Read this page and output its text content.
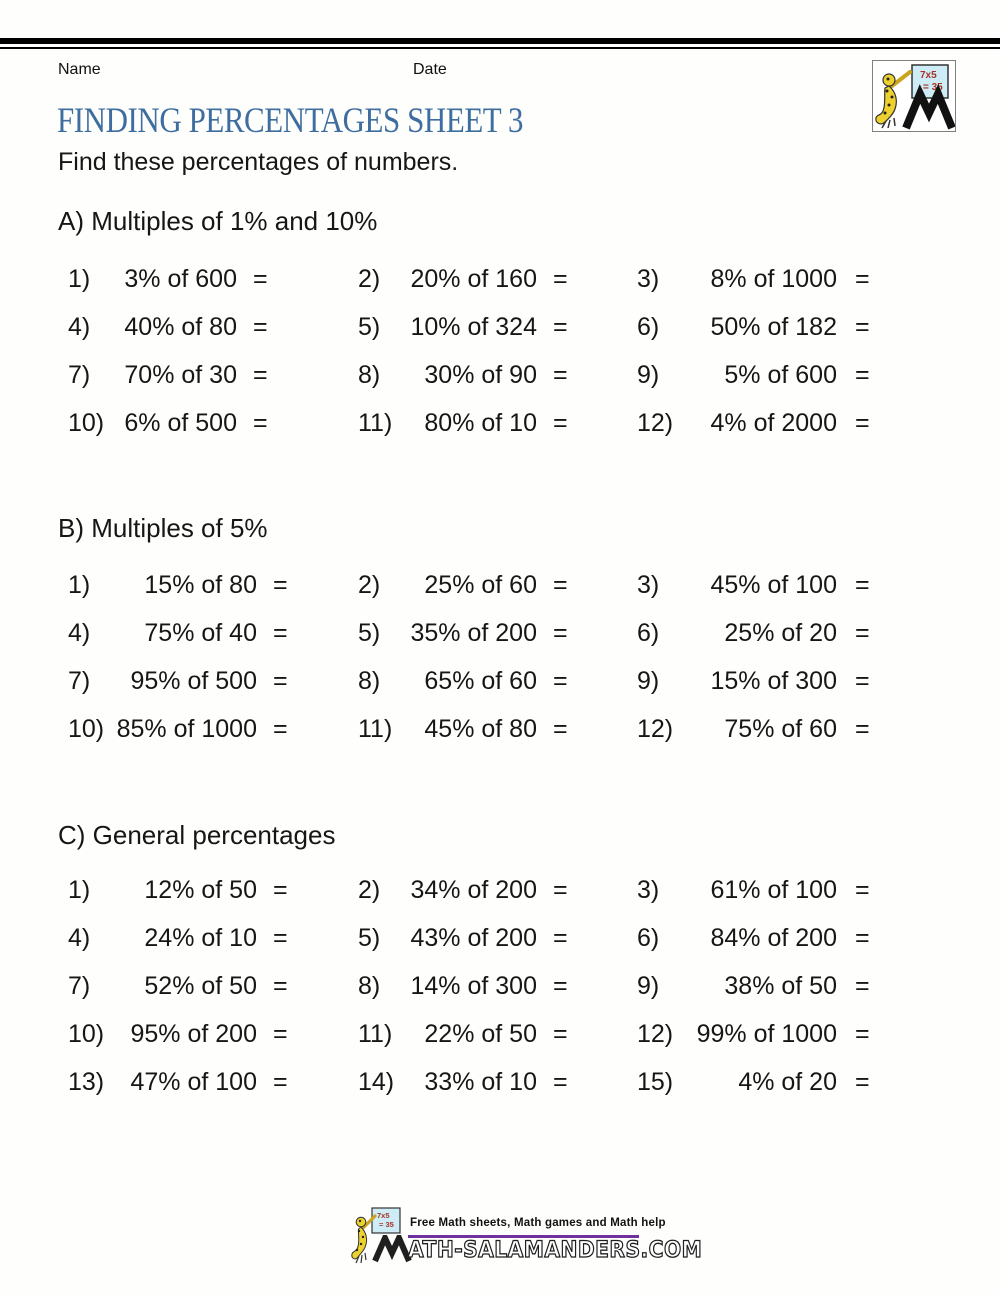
Name	Date	7x5
= 35
FINDING PERCENTAGES SHEET 3
Find these percentages of numbers.
A) Multiples of 1% and 10%
1)	3% of 600 =	2)	20% of 160 =	3)	8% of 1000 =
4)	40% of 80 =	5)	10% of 324 =	6)	50% of 182 =
7)	70% of 30 =	8)	30% of 90 =	9)	5% of 600 =
10) 6% of 500 =	11)	80% of 10 =	12)	4% of 2000 =
B) Multiples of 5%
1)	15% of 80 =	2)	25% of 60 =	3)	45% of 100 =
4)	75% of 40 =	5)	35% of 200 =	6)	25% of 20 =
7)	95% of 500 =	8)	65% of 60 =	9)	15% of 300 =
10) 85% of 1000 =	11)	45% of 80 =	12)	75% of 60 =
C) General percentages
1)	12% of 50 =	2)	34% of 200 =	3)	61% of 100 =
4)	24% of 10 =	5)	43% of 200 =	6)	84% of 200 =
7)	52% of 50 =	8)	14% of 300 =	9)	38% of 50 =
10)	95% of 200 =	11)	22% of 50 =	12) 99% of 1000 =
13)	47% of 100 =	14)	33% of 10 =	15)	4% of 20 =
7x5
= 35 Free Math sheets, Math games and Math help
ATH-SALAMANDERS.COM
